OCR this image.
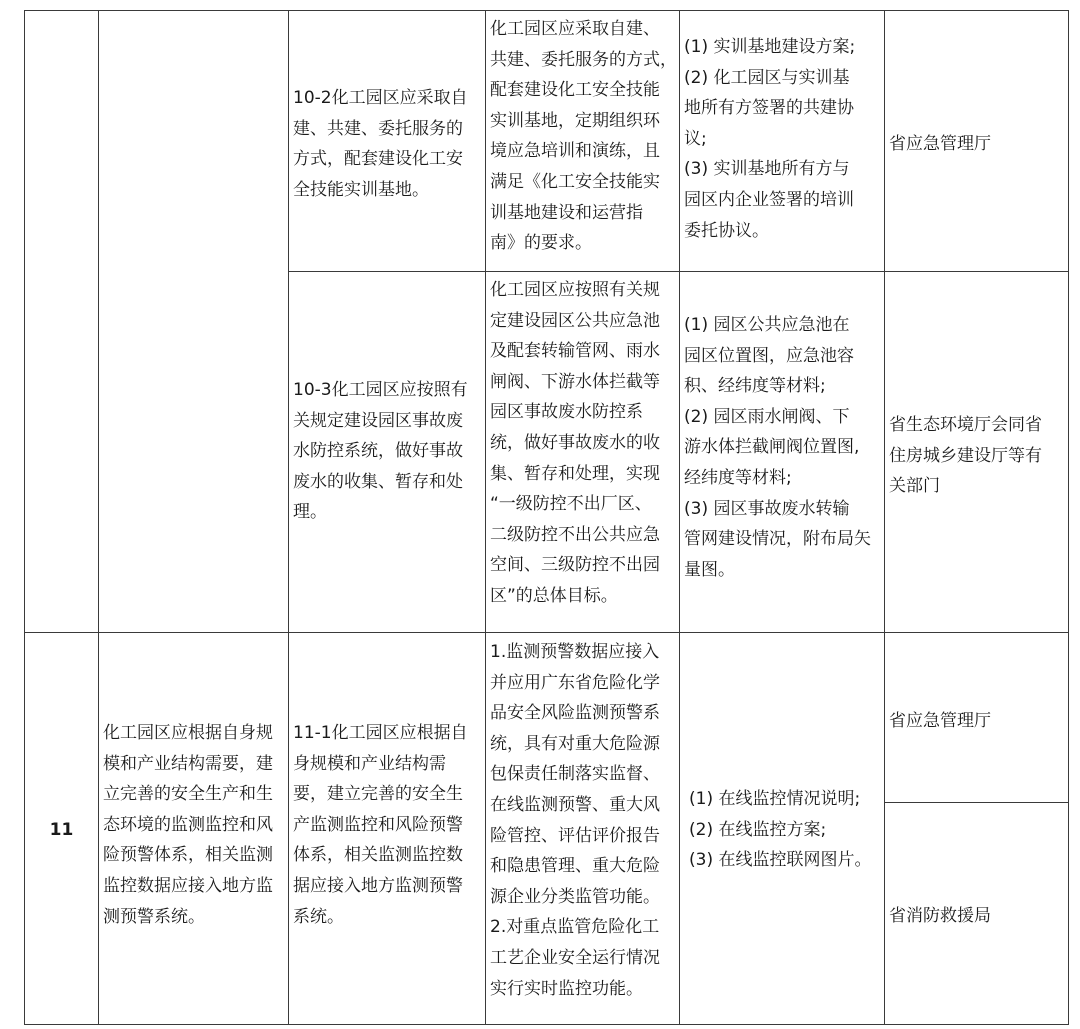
10-2化工园区应采取自
建、共建、委托服务的
方式，配套建设化工安
全技能实训基地。
化工园区应采取自建、
共建、委托服务的方式，
配套建设化工安全技能
实训基地，定期组织环
境应急培训和演练，且
满足《化工安全技能实
训基地建设和运营指
南》的要求。
(1) 实训基地建设方案;
(2) 化工园区与实训基
地所有方签署的共建协
议;
(3) 实训基地所有方与
园区内企业签署的培训
委托协议。
省应急管理厅
10-3化工园区应按照有
关规定建设园区事故废
水防控系统，做好事故
废水的收集、暂存和处
理。
化工园区应按照有关规
定建设园区公共应急池
及配套转输管网、雨水
闸阀、下游水体拦截等
园区事故废水防控系
统，做好事故废水的收
集、暂存和处理，实现
“一级防控不出厂区、
二级防控不出公共应急
空间、三级防控不出园
区”的总体目标。
(1) 园区公共应急池在
园区位置图，应急池容
积、经纬度等材料;
(2) 园区雨水闸阀、下
游水体拦截闸阀位置图,
经纬度等材料;
(3) 园区事故废水转输
管网建设情况，附布局矢
量图。
省生态环境厅会同省
住房城乡建设厅等有
关部门
11
化工园区应根据自身规
模和产业结构需要，建
立完善的安全生产和生
态环境的监测监控和风
险预警体系，相关监测
监控数据应接入地方监
测预警系统。
11-1化工园区应根据自
身规模和产业结构需
要，建立完善的安全生
产监测监控和风险预警
体系，相关监测监控数
据应接入地方监测预警
系统。
1.监测预警数据应接入
并应用广东省危险化学
品安全风险监测预警系
统，具有对重大危险源
包保责任制落实监督、
在线监测预警、重大风
险管控、评估评价报告
和隐患管理、重大危险
源企业分类监管功能。
2.对重点监管危险化工
工艺企业安全运行情况
实行实时监控功能。
(1) 在线监控情况说明;
(2) 在线监控方案;
(3) 在线监控联网图片。
省应急管理厅
省消防救援局
